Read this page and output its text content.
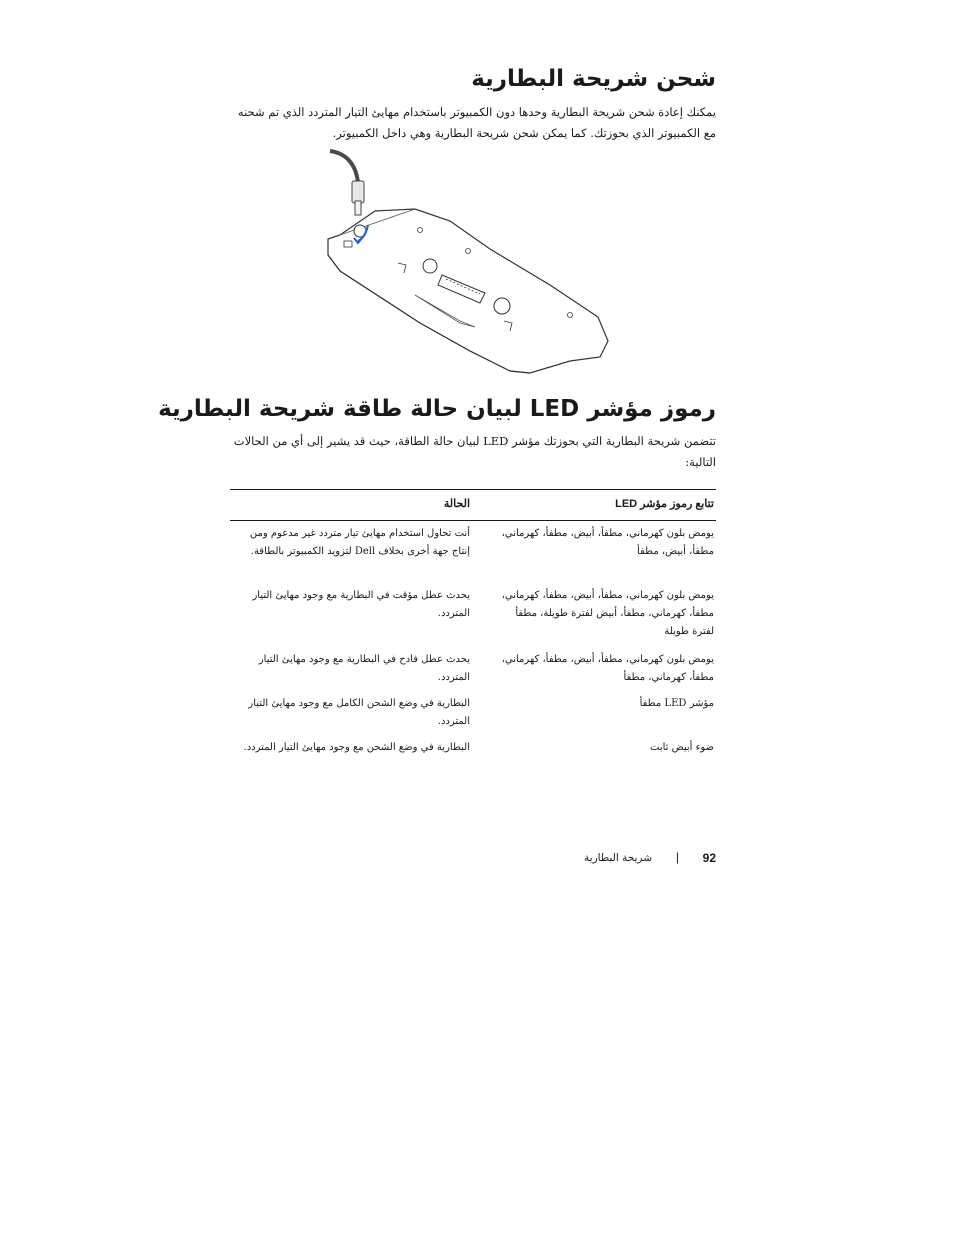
شحن شريحة البطارية
يمكنك إعادة شحن شريحة البطارية وحدها دون الكمبيوتر باستخدام مهايئ التيار المتردد الذي تم شحنه مع الكمبيوتر الذي بحوزتك. كما يمكن شحن شريحة البطارية وهي داخل الكمبيوتر.
رموز مؤشر LED لبيان حالة طاقة شريحة البطارية
تتضمن شريحة البطارية التي بحوزتك مؤشر LED لبيان حالة الطاقة، حيث قد يشير إلى أي من الحالات التالية:
تتابع رموز مؤشر LED
الحالة
يومض بلون كهرماني، مطفأ، أبيض، مطفأ، كهرماني، مطفأ، أبيض، مطفأ
أنت تحاول استخدام مهايئ تيار متردد غير مدعوم ومن إنتاج جهة أخرى بخلاف Dell لتزويد الكمبيوتر بالطاقة.
يومض بلون كهرماني، مطفأ، أبيض، مطفأ، كهرماني، مطفأ، كهرماني، مطفأ، أبيض لفترة طويلة، مطفأ لفترة طويلة
يحدث عطل مؤقت في البطارية مع وجود مهايئ التيار المتردد.
يومض بلون كهرماني، مطفأ، أبيض، مطفأ، كهرماني، مطفأ، كهرماني، مطفأ
يحدث عطل فادح في البطارية مع وجود مهايئ التيار المتردد.
مؤشر LED مطفأ
البطارية في وضع الشحن الكامل مع وجود مهايئ التيار المتردد.
ضوء أبيض ثابت
البطارية في وضع الشحن مع وجود مهايئ التيار المتردد.
92
|
شريحة البطارية
